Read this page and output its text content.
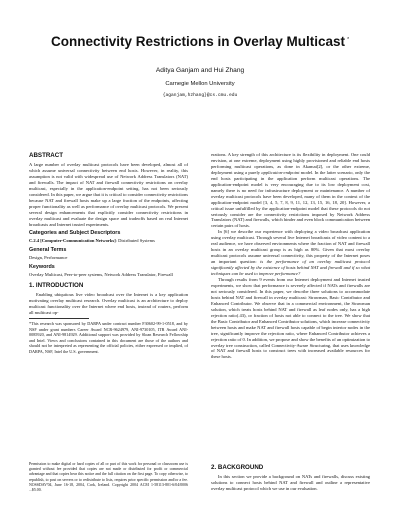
Connectivity Restrictions in Overlay Multicast *
Aditya Ganjam and Hui Zhang
Carnegie Mellon University
{aganjam,hzhang}@cs.cmu.edu
ABSTRACT

A large number of overlay multicast protocols have been developed, almost all of which assume universal connectivity between end hosts. However, in reality, this assumption is not valid with widespread use of Network Address Translators (NAT) and firewalls. The impact of NAT and firewall connectivity restrictions on overlay multicast, especially in the application-endpoint setting, has not been seriously considered. In this paper, we argue that it is critical to consider connectivity restrictions because NAT and firewall hosts make up a large fraction of the endpoints, affecting proper functionality as well as performance of overlay multicast protocols. We present several design enhancements that explicitly consider connectivity restrictions in overlay multicast and evaluate the design space and tradeoffs based on real Internet broadcasts and Internet trusted experiments.

Categories and Subject Descriptors

C.2.4 [Computer-Communication Networks]: Distributed Systems

General Terms

Design, Performance

Keywords

Overlay Multicast, Peer-to-peer systems, Network Address Translator, Firewall

1. INTRODUCTION

Enabling ubiquitous live video broadcast over the Internet is a key application motivating overlay multicast research. Overlay multicast is an architecture to deploy multicast functionality over the Internet where end hosts, instead of routers, perform all multicast op-

*This research was sponsored by DARPA under contract number F30602-99-1-0518, and by NSF under grant numbers Career Award NCR-9624979, ANI-9730105, ITR Award ANI-0085920, and ANI-9814929. Additional support was provided by Sloan Research Fellowship and Intel. Views and conclusions contained in this document are those of the authors and should not be interpreted as representing the official policies, either expressed or implied, of DARPA, NSF, Intel the U.S. government.

Permission to make digital or hard copies of all or part of this work for personal or classroom use is granted without fee provided that copies are not made or distributed for profit or commercial advantage and that copies bear this notice and the full citation on the first page. To copy otherwise, to republish, to post on servers or to redistribute to lists, requires prior specific permission and/or a fee. NOSSDAV'04, June 16-18, 2004, Cork, Ireland. Copyright 2004 ACM 1-58113-801-6/04/0006 ...$5.00.

erations. A key strength of this architecture is its flexibility in deployment. One could envision, at one extreme, deployment using highly provisioned and reliable end hosts performing multicast operations, as done in Akamai[2], or the other extreme, deployment using a purely application-endpoint model. In the latter scenario, only the end hosts participating in the application perform multicast operations. The application-endpoint model is very encouraging due to its low deployment cost, namely there is no need for infrastructure deployment or maintenance. A number of overlay multicast protocols have been developed, many of them in the context of the application-endpoint model [3, 4, 5, 7, 8, 9, 11, 12, 13, 15, 16, 18, 20]. However, a critical issue unfulfilled by the application-endpoint model that these protocols do not seriously consider are the connectivity restrictions imposed by Network Address Translators (NAT) and firewalls, which hinder and even block communication between certain pairs of hosts.

In [6] we describe our experience with deploying a video broadcast application using overlay multicast. Through several live Internet broadcasts of video content to a real audience, we have observed environments where the fraction of NAT and firewall hosts in an overlay multicast group is as high as 80%. Given that most overlay multicast protocols assume universal connectivity, this property of the Internet poses an important question: is the performance of an overlay multicast protocol significantly affected by the existence of hosts behind NAT and firewall and if so what techniques can be used to improve performance?

Through results from 9 events from our Internet deployment and Internet trusted experiments, we show that performance is severely affected if NATs and firewalls are not seriously considered. In this paper, we describe three solutions to accommodate hosts behind NAT and firewall in overlay multicast: Strawman, Basic Contributor and Enhanced Contributor. We observe that in a commercial environment, the Strawman solution, which treats hosts behind NAT and firewall as leaf nodes only, has a high rejection ratio(.43), or fraction of hosts not able to connect to the tree. We show that the Basic Contributor and Enhanced Contributor solutions, which increase connectivity between hosts and make NAT and firewall hosts capable of begin interior nodes in the tree, significantly improve the rejection ratio, where Enhanced Contributor achieves a rejection ratio of 0. In addition, we propose and show the benefits of an optimization to overlay tree construction, called Connectivity-Aware Structuring, that uses knowledge of NAT and firewall hosts to construct trees with increased available resources for these hosts.

2. BACKGROUND

In this section we provide a background on NATs and firewalls, discuss existing solutions to connect hosts behind NAT and firewall and outline a representative overlay multicast protocol which we use in our evaluation.
